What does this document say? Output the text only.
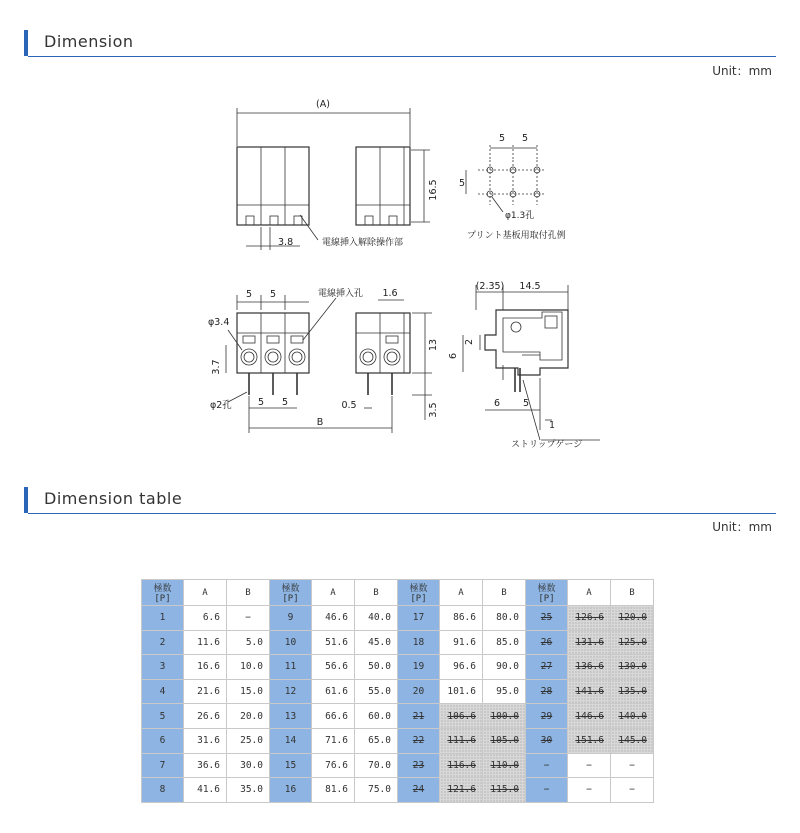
Dimension
Unit：mm
(A)
16.5
3.8	電線挿入解除操作部
5 5
5
φ1.3孔
プリント基板用取付孔例
5 5	電線挿入孔 1.6
φ3.4
3.7
13
φ2孔	5 5	0.5	3.5
B
(2.35) 14.5
2
6
6 5
1
ストリップゲージ
Dimension table
Unit：mm
極数[P]	A	B	極数[P]	A	B	極数[P]	A	B	極数[P]	A	B
1	6.6	−	9	46.6	40.0	17	86.6	80.0	25	126.6	120.0
2	11.6	5.0	10	51.6	45.0	18	91.6	85.0	26	131.6	125.0
3	16.6	10.0	11	56.6	50.0	19	96.6	90.0	27	136.6	130.0
4	21.6	15.0	12	61.6	55.0	20	101.6	95.0	28	141.6	135.0
5	26.6	20.0	13	66.6	60.0	21	106.6	100.0	29	146.6	140.0
6	31.6	25.0	14	71.6	65.0	22	111.6	105.0	30	151.6	145.0
7	36.6	30.0	15	76.6	70.0	23	116.6	110.0	−	−	−
8	41.6	35.0	16	81.6	75.0	24	121.6	115.0	−	−	−
